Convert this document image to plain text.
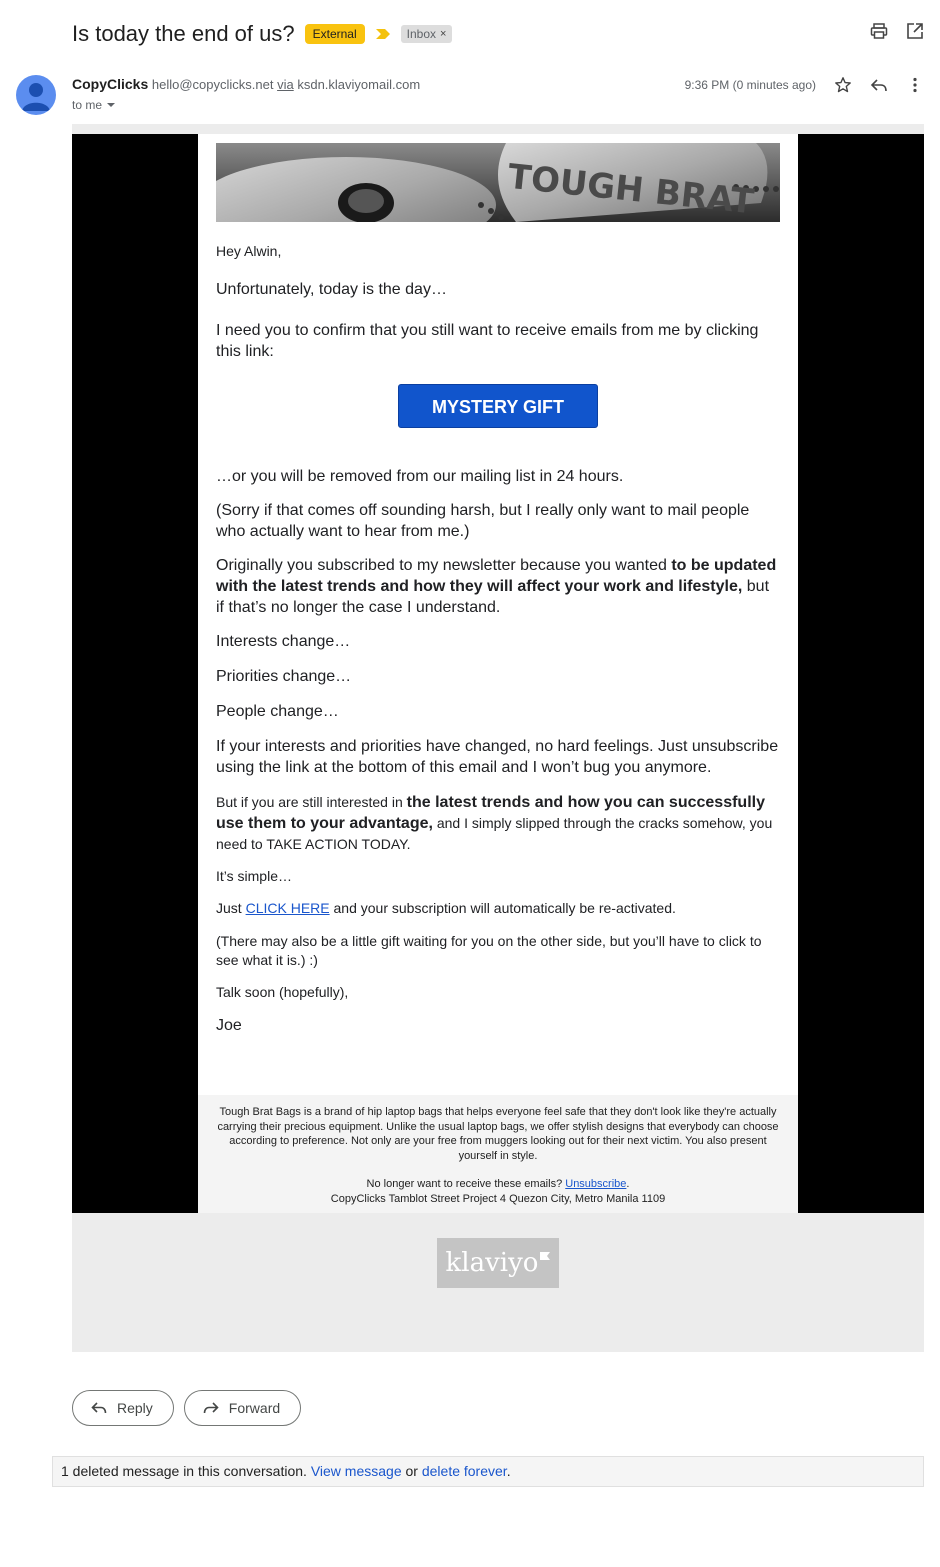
Is today the end of us?	External	Inbox ×
CopyClicks hello@copyclicks.net via ksdn.klaviyomail.com
to me
9:36 PM (0 minutes ago)
TOUGH BRAT

Hey Alwin,

Unfortunately, today is the day…

I need you to confirm that you still want to receive emails from me by clicking this link:

MYSTERY GIFT

…or you will be removed from our mailing list in 24 hours.

(Sorry if that comes off sounding harsh, but I really only want to mail people who actually want to hear from me.)

Originally you subscribed to my newsletter because you wanted to be updated with the latest trends and how they will affect your work and lifestyle, but if that’s no longer the case I understand.

Interests change…

Priorities change…

People change…

If your interests and priorities have changed, no hard feelings. Just unsubscribe using the link at the bottom of this email and I won’t bug you anymore.

But if you are still interested in the latest trends and how you can successfully use them to your advantage, and I simply slipped through the cracks somehow, you need to TAKE ACTION TODAY.

It’s simple…

Just CLICK HERE and your subscription will automatically be re-activated.

(There may also be a little gift waiting for you on the other side, but you’ll have to click to see what it is.) :)

Talk soon (hopefully),

Joe

Tough Brat Bags is a brand of hip laptop bags that helps everyone feel safe that they don't look like they're actually carrying their precious equipment. Unlike the usual laptop bags, we offer stylish designs that everybody can choose according to preference. Not only are your free from muggers looking out for their next victim. You also present yourself in style.
No longer want to receive these emails? Unsubscribe.
CopyClicks Tamblot Street Project 4 Quezon City, Metro Manila 1109
klaviyo
Reply	Forward
1 deleted message in this conversation. View message or delete forever.
